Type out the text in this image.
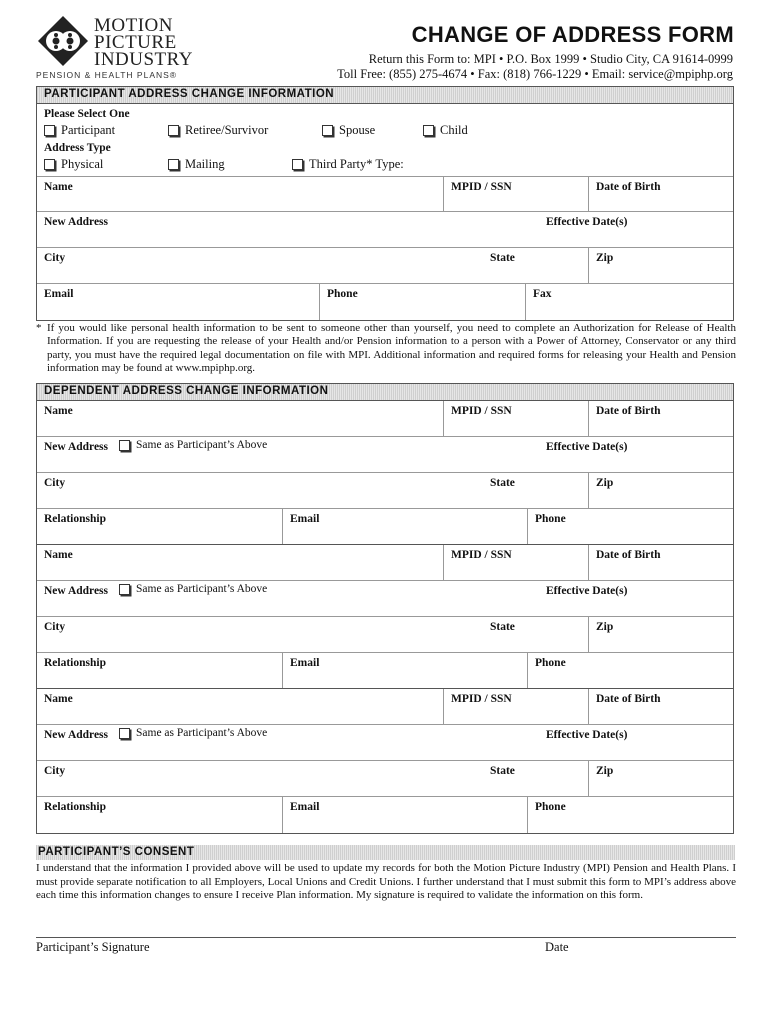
MOTION
PICTURE
INDUSTRY
PENSION & HEALTH PLANS®
CHANGE OF ADDRESS FORM
Return this Form to: MPI • P.O. Box 1999 • Studio City, CA 91614-0999
Toll Free: (855) 275-4674 • Fax: (818) 766-1229 • Email: service@mpiphp.org
PARTICIPANT ADDRESS CHANGE INFORMATION
Please Select One
Participant	Retiree/Survivor	Spouse	Child
Address Type
Physical	Mailing	Third Party* Type:
Name	MPID / SSN	Date of Birth
New Address	Effective Date(s)
City	State	Zip
Email	Phone	Fax
* If you would like personal health information to be sent to someone other than yourself, you need to complete an Authorization for Release of Health Information. If you are requesting the release of your Health and/or Pension information to a person with a Power of Attorney, Conservator or any third party, you must have the required legal documentation on file with MPI. Additional information and required forms for releasing your Health and Pension information may be found at www.mpiphp.org.
DEPENDENT ADDRESS CHANGE INFORMATION
Name	MPID / SSN	Date of Birth
New Address Same as Participant’s Above	Effective Date(s)
City	State	Zip
Relationship	Email	Phone
Name	MPID / SSN	Date of Birth
New Address Same as Participant’s Above	Effective Date(s)
City	State	Zip
Relationship	Email	Phone
Name	MPID / SSN	Date of Birth
New Address Same as Participant’s Above	Effective Date(s)
City	State	Zip
Relationship	Email	Phone
PARTICIPANT’S CONSENT
I understand that the information I provided above will be used to update my records for both the Motion Picture Industry (MPI) Pension and Health Plans. I must provide separate notification to all Employers, Local Unions and Credit Unions. I further understand that I must submit this form to MPI’s address above each time this information changes to ensure I receive Plan information. My signature is required to validate the information on this form.
Participant’s Signature	Date
